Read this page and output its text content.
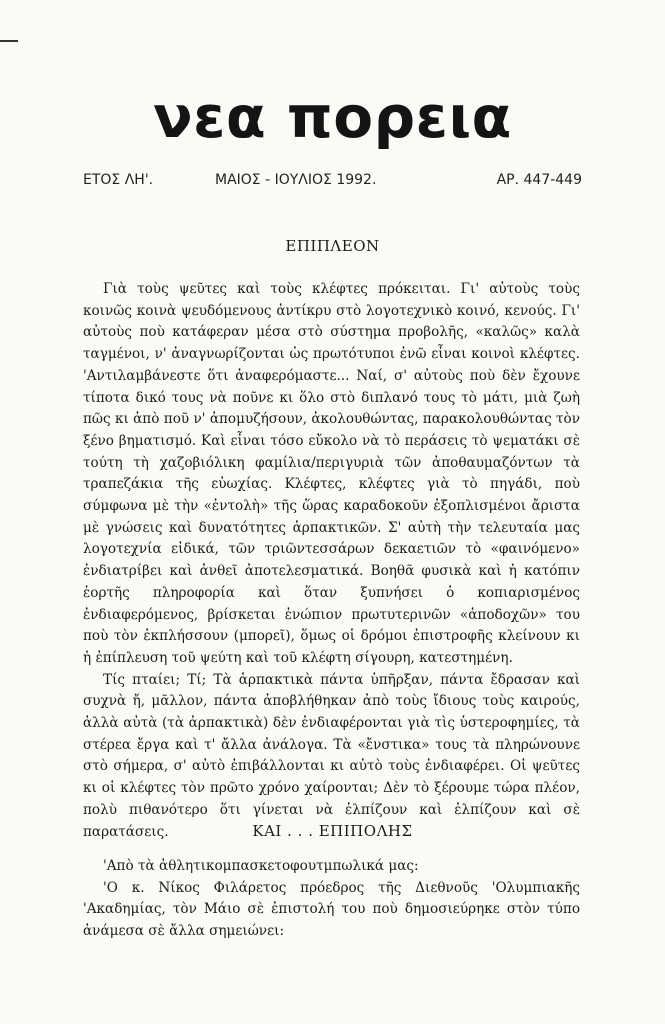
νεα πορεια
ΕΤΟΣ ΛΗ'.	ΜΑΙΟΣ - ΙΟΥΛΙΟΣ 1992.	ΑΡ. 447-449
ΕΠΙΠΛΕΟΝ

Γιὰ τοὺς ψεῦτες καὶ τοὺς κλέφτες πρόκειται. Γι' αὐτοὺς τοὺς κοινῶς κοινὰ ψευδόμενους ἀντίκρυ στὸ λογοτεχνικὸ κοινό, κενούς. Γι' αὐτοὺς ποὺ κατάφεραν μέσα στὸ σύστημα προβολῆς, «καλῶς» καλὰ ταγμένοι, ν' ἀναγνωρίζονται ὡς πρωτότυποι ἐνῶ εἶναι κοινοὶ κλέφτες. 'Αντιλαμβάνεστε ὅτι ἀναφερόμαστε... Ναί, σ' αὐτοὺς ποὺ δὲν ἔχουνε τίποτα δικό τους νὰ ποῦνε κι ὅλο στὸ διπλανό τους τὸ μάτι, μιὰ ζωὴ πῶς κι ἀπὸ ποῦ ν' ἀπομυζήσουν, ἀκολουθώντας, παρακολουθώντας τὸν ξένο βηματισμό. Καὶ εἶναι τόσο εὔκολο νὰ τὸ περάσεις τὸ ψεματάκι σὲ τούτη τὴ χαζοβιόλικη φαμίλια/περιγυριὰ τῶν ἀποθαυμαζόντων τὰ τραπεζάκια τῆς εὐωχίας. Κλέφτες, κλέφτες γιὰ τὸ πηγάδι, ποὺ σύμφωνα μὲ τὴν «ἐντολὴ» τῆς ὥρας καραδοκοῦν ἐξοπλισμένοι ἄριστα μὲ γνώσεις καὶ δυνατότητες ἁρπακτικῶν. Σ' αὐτὴ τὴν τελευταία μας λογοτεχνία εἰδικά, τῶν τριῶντεσσάρων δεκαετιῶν τὸ «φαινόμενο» ἐνδιατρίβει καὶ ἀνθεῖ ἀποτελεσματικά. Βοηθᾶ φυσικὰ καὶ ἡ κατόπιν ἑορτῆς πληροφορία καὶ ὅταν ξυπνήσει ὁ κοπιαρισμένος ἐνδιαφερόμενος, βρίσκεται ἐνώπιον πρωτυτερινῶν «ἀποδοχῶν» του ποὺ τὸν ἐκπλήσσουν (μπορεῖ), ὅμως οἱ δρόμοι ἐπιστροφῆς κλείνουν κι ἡ ἐπίπλευση τοῦ ψεύτη καὶ τοῦ κλέφτη σίγουρη, κατεστημένη.

Τίς πταίει; Τί; Τὰ ἁρπακτικὰ πάντα ὑπῆρξαν, πάντα ἔδρασαν καὶ συχνὰ ἤ, μᾶλλον, πάντα ἀποβλήθηκαν ἀπὸ τοὺς ἴδιους τοὺς καιρούς, ἀλλὰ αὐτὰ (τὰ ἁρπακτικὰ) δὲν ἐνδιαφέρονται γιὰ τὶς ὑστεροφημίες, τὰ στέρεα ἔργα καὶ τ' ἄλλα ἀνάλογα. Τὰ «ἔνστικα» τους τὰ πληρώνουνε στὸ σήμερα, σ' αὐτὸ ἐπιβάλλονται κι αὐτὸ τοὺς ἐνδιαφέρει. Οἱ ψεῦτες κι οἱ κλέφτες τὸν πρῶτο χρόνο χαίρονται; Δὲν τὸ ξέρουμε τώρα πλέον, πολὺ πιθανότερο ὅτι γίνεται νὰ ἐλπίζουν καὶ ἐλπίζουν καὶ σὲ παρατάσεις.	ΚΑΙ . . . ΕΠΙΠΟΛΗΣ

'Απὸ τὰ ἀθλητικομπασκετοφουτμπωλικά μας:

'Ο κ. Νίκος Φιλάρετος πρόεδρος τῆς Διεθνοῦς 'Ολυμπιακῆς 'Ακαδημίας, τὸν Μάιο σὲ ἐπιστολή του ποὺ δημοσιεύρηκε στὸν τύπο ἀνάμεσα σὲ ἄλλα σημειώνει:
